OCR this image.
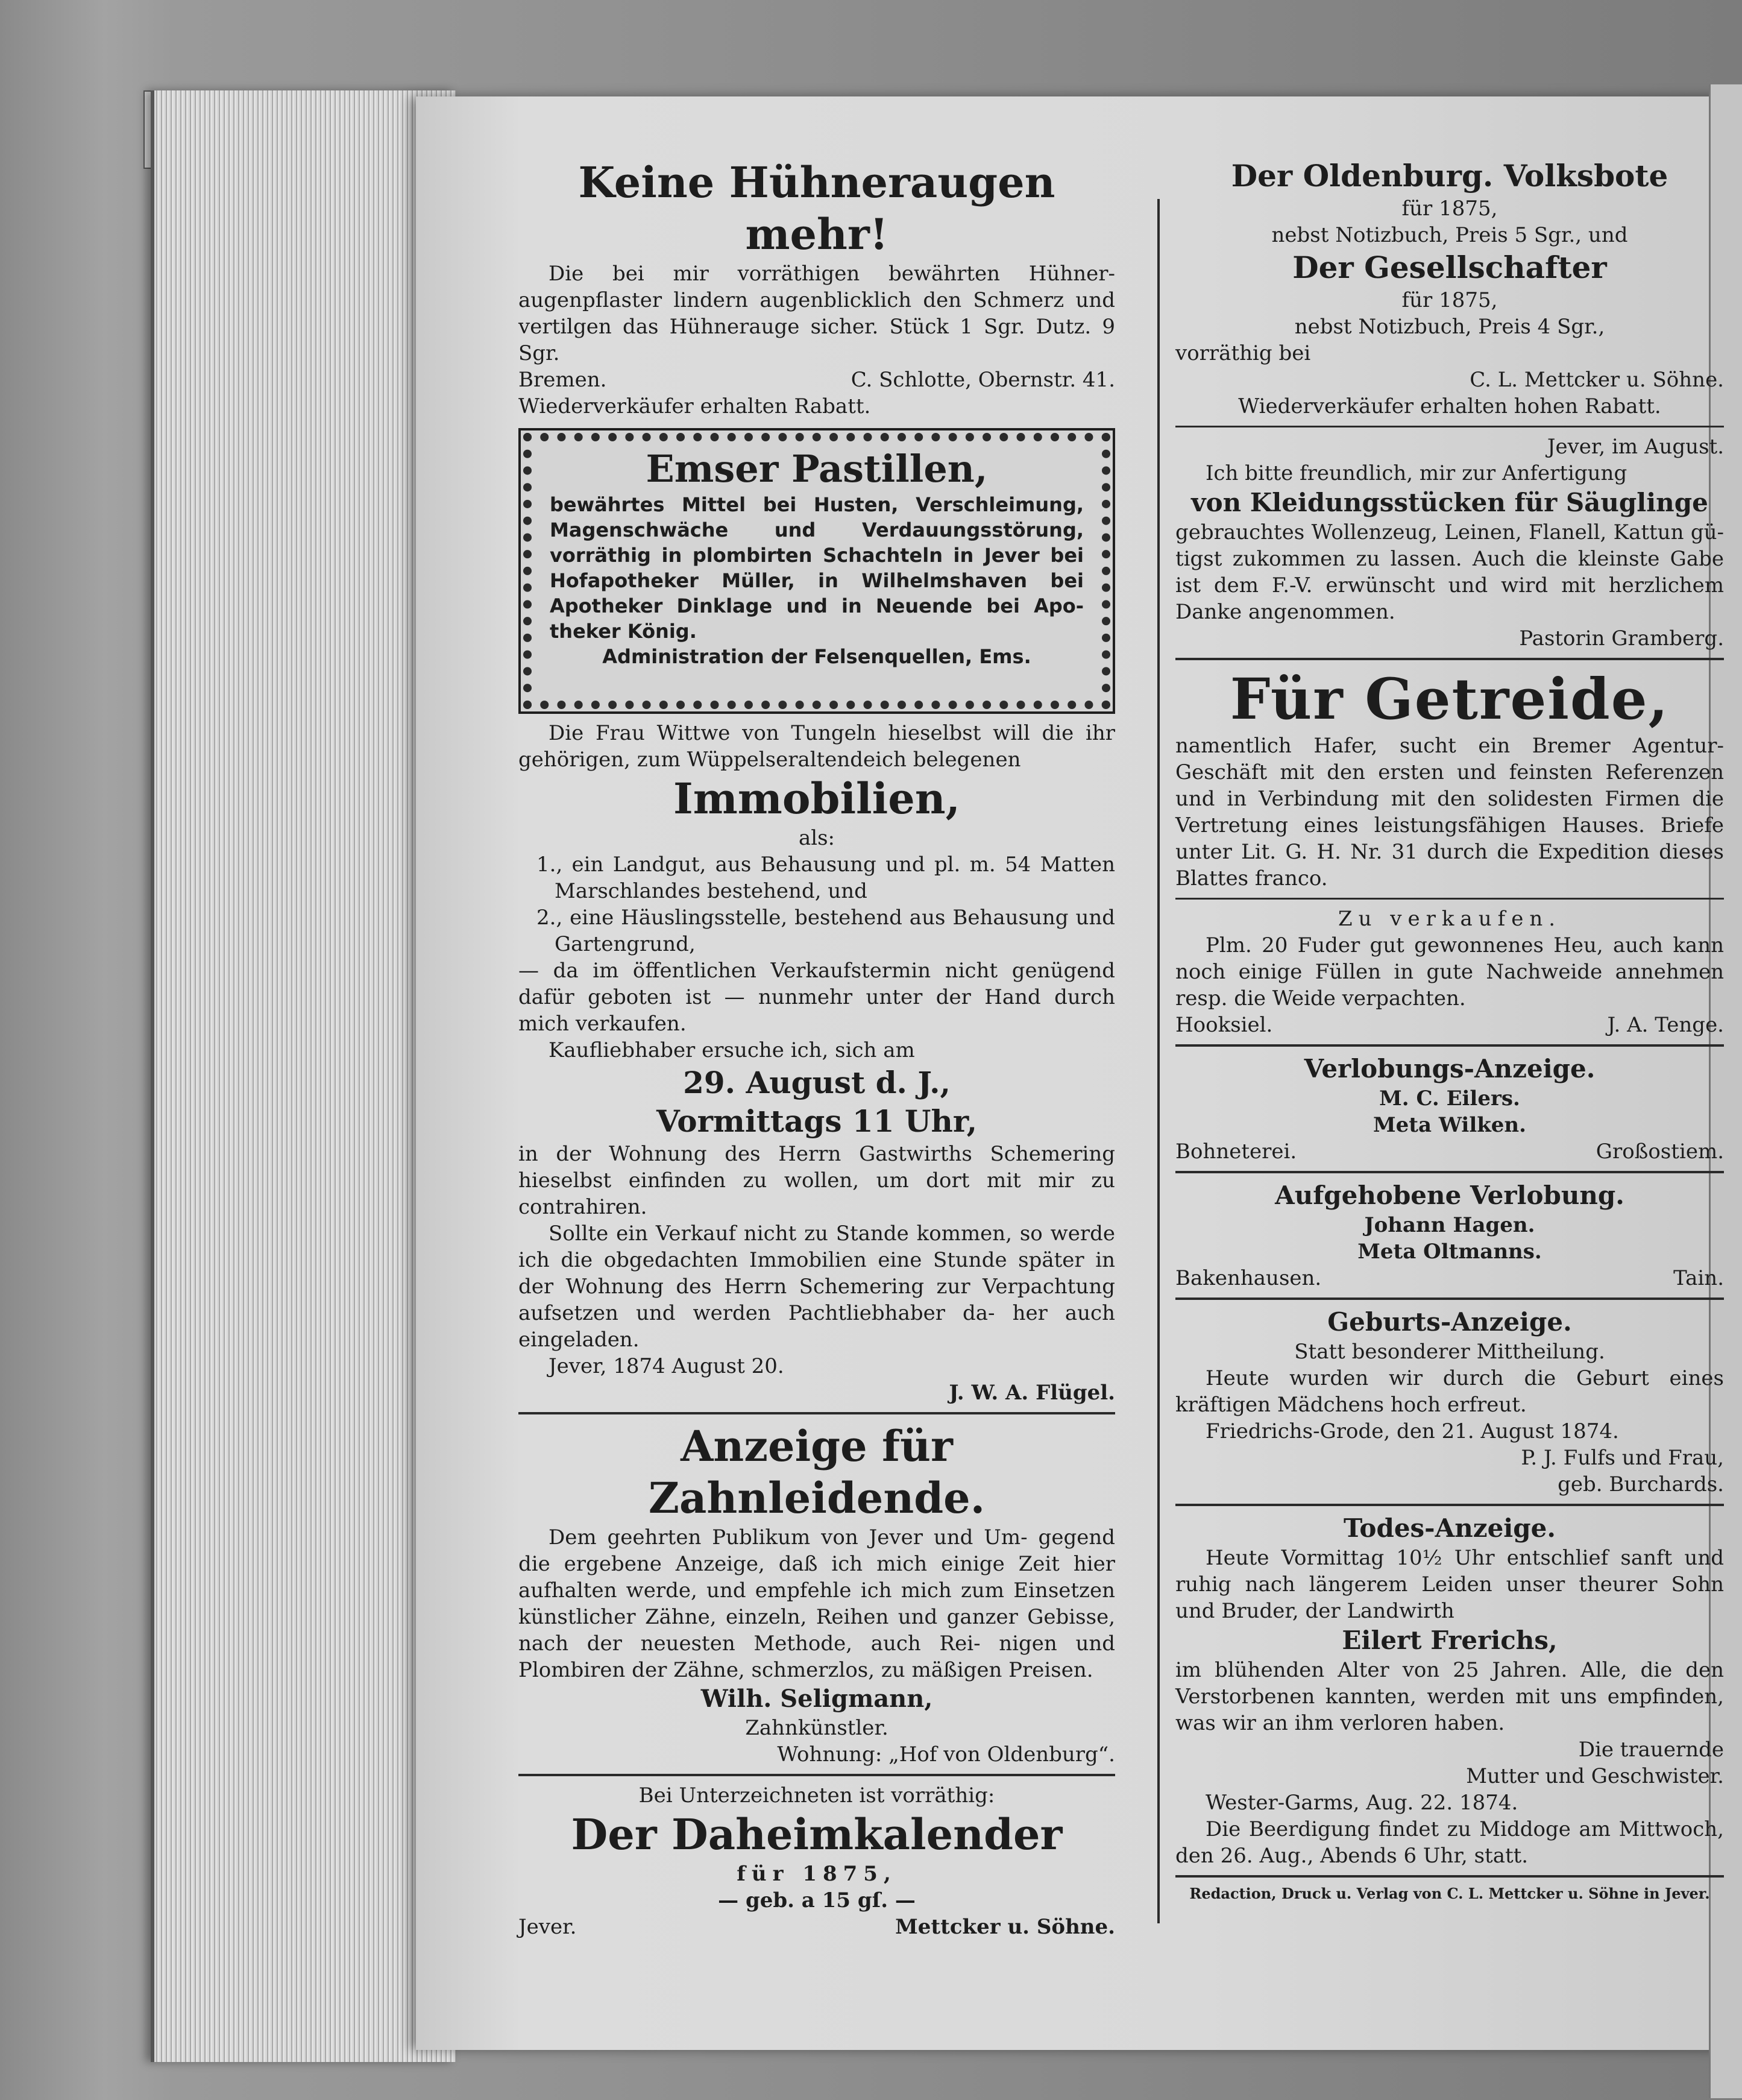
Keine Hühneraugen mehr!

Die bei mir vorräthigen bewährten Hühner- augenpflaster lindern augenblicklich den Schmerz und vertilgen das Hühnerauge sicher. Stück 1 Sgr. Dutz. 9 Sgr.

Bremen.	C. Schlotte, Obernstr. 41.

Wiederverkäufer erhalten Rabatt.

Emser Pastillen,

bewährtes Mittel bei Husten, Verschleimung, Magenschwäche und Verdauungsstörung, vorräthig in plombirten Schachteln in Jever bei Hofapotheker Müller, in Wilhelmshaven bei Apotheker Dinklage und in Neuende bei Apo- theker König.

Administration der Felsenquellen, Ems.

Die Frau Wittwe von Tungeln hieselbst will die ihr gehörigen, zum Wüppelseraltendeich belegenen

Immobilien,

als:

1., ein Landgut, aus Behausung und pl. m. 54 Matten Marschlandes bestehend, und

2., eine Häuslingsstelle, bestehend aus Behausung und Gartengrund,

— da im öffentlichen Verkaufstermin nicht genügend dafür geboten ist — nunmehr unter der Hand durch mich verkaufen.

Kaufliebhaber ersuche ich, sich am

29. August d. J.,
Vormittags 11 Uhr,

in der Wohnung des Herrn Gastwirths Schemering hieselbst einfinden zu wollen, um dort mit mir zu contrahiren.

Sollte ein Verkauf nicht zu Stande kommen, so werde ich die obgedachten Immobilien eine Stunde später in der Wohnung des Herrn Schemering zur Verpachtung aufsetzen und werden Pachtliebhaber da- her auch eingeladen.

Jever, 1874 August 20.

J. W. A. Flügel.

Anzeige für Zahnleidende.

Dem geehrten Publikum von Jever und Um- gegend die ergebene Anzeige, daß ich mich einige Zeit hier aufhalten werde, und empfehle ich mich zum Einsetzen künstlicher Zähne, einzeln, Reihen und ganzer Gebisse, nach der neuesten Methode, auch Rei- nigen und Plombiren der Zähne, schmerzlos, zu mäßigen Preisen.

Wilh. Seligmann,

Zahnkünstler.

Wohnung: „Hof von Oldenburg“.

Bei Unterzeichneten ist vorräthig:

Der Daheimkalender

für 1875,

— geb. a 15 gſ. —

Jever.	Mettcker u. Söhne.
Der Oldenburg. Volksbote

für 1875,

nebst Notizbuch, Preis 5 Sgr., und

Der Gesellschafter

für 1875,

nebst Notizbuch, Preis 4 Sgr.,

vorräthig bei

C. L. Mettcker u. Söhne.

Wiederverkäufer erhalten hohen Rabatt.

Jever, im August.

Ich bitte freundlich, mir zur Anfertigung

von Kleidungsstücken für Säuglinge

gebrauchtes Wollenzeug, Leinen, Flanell, Kattun gü- tigst zukommen zu lassen. Auch die kleinste Gabe ist dem F.-V. erwünscht und wird mit herzlichem Danke angenommen.

Pastorin Gramberg.

Für Getreide,

namentlich Hafer, sucht ein Bremer Agentur- Geschäft mit den ersten und feinsten Referenzen und in Verbindung mit den solidesten Firmen die Vertretung eines leistungsfähigen Hauses. Briefe unter Lit. G. H. Nr. 31 durch die Expedition dieses Blattes franco.

Zu verkaufen.

Plm. 20 Fuder gut gewonnenes Heu, auch kann noch einige Füllen in gute Nachweide annehmen resp. die Weide verpachten.

Hooksiel.	J. A. Tenge.
Verlobungs-Anzeige.

M. C. Eilers.

Meta Wilken.

Bohneterei.	Großostiem.
Aufgehobene Verlobung.

Johann Hagen.

Meta Oltmanns.

Bakenhausen.	Tain.
Geburts-Anzeige.

Statt besonderer Mittheilung.

Heute wurden wir durch die Geburt eines kräftigen Mädchens hoch erfreut.

Friedrichs-Grode, den 21. August 1874.

P. J. Fulfs und Frau,

geb. Burchards.

Todes-Anzeige.

Heute Vormittag 10½ Uhr entschlief sanft und ruhig nach längerem Leiden unser theurer Sohn und Bruder, der Landwirth

Eilert Frerichs,

im blühenden Alter von 25 Jahren. Alle, die den Verstorbenen kannten, werden mit uns empfinden, was wir an ihm verloren haben.

Die trauernde

Mutter und Geschwister.

Wester-Garms, Aug. 22. 1874.

Die Beerdigung findet zu Middoge am Mittwoch, den 26. Aug., Abends 6 Uhr, statt.

Redaction, Druck u. Verlag von C. L. Mettcker u. Söhne in Jever.
